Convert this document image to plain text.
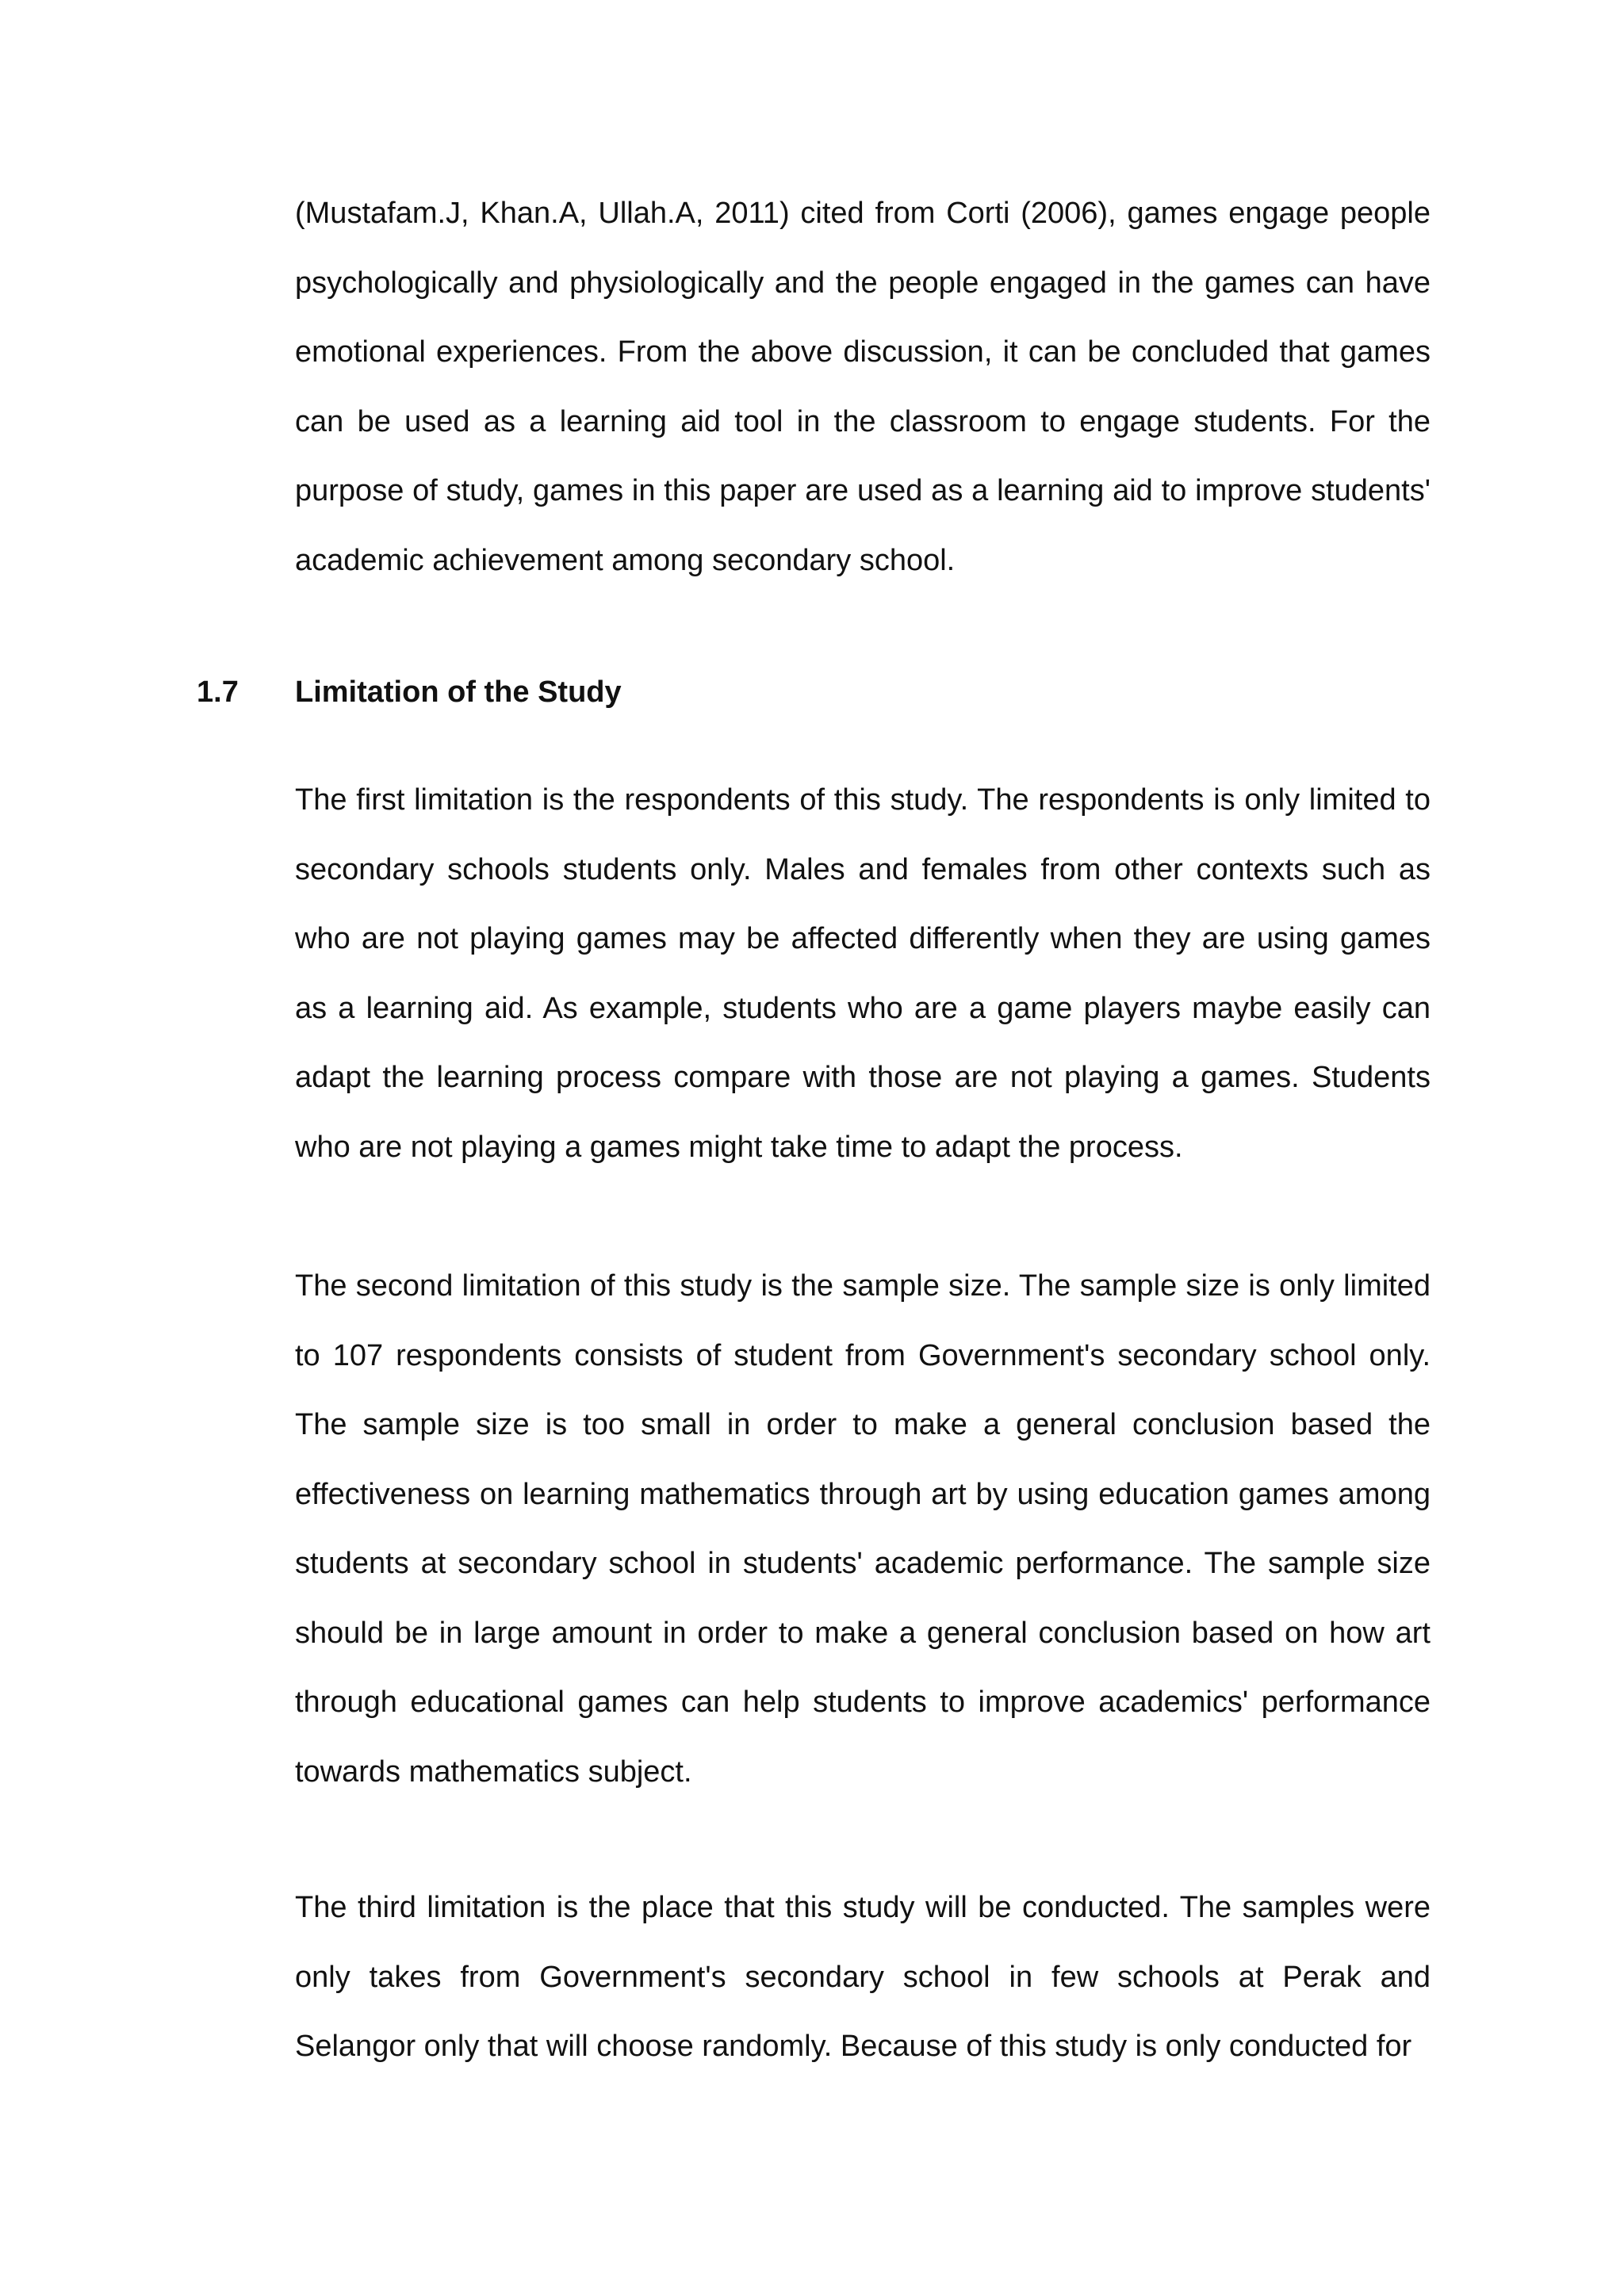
(Mustafam.J, Khan.A, Ullah.A, 2011) cited from Corti (2006), games engage people psychologically and physiologically and the people engaged in the games can have emotional experiences. From the above discussion, it can be concluded that games can be used as a learning aid tool in the classroom to engage students. For the purpose of study, games in this paper are used as a learning aid to improve students' academic achievement among secondary school.

1.7 Limitation of the Study

The first limitation is the respondents of this study. The respondents is only limited to secondary schools students only. Males and females from other contexts such as who are not playing games may be affected differently when they are using games as a learning aid. As example, students who are a game players maybe easily can adapt the learning process compare with those are not playing a games. Students who are not playing a games might take time to adapt the process.

The second limitation of this study is the sample size. The sample size is only limited to 107 respondents consists of student from Government's secondary school only. The sample size is too small in order to make a general conclusion based the effectiveness on learning mathematics through art by using education games among students at secondary school in students' academic performance. The sample size should be in large amount in order to make a general conclusion based on how art through educational games can help students to improve academics' performance towards mathematics subject.

The third limitation is the place that this study will be conducted. The samples were only takes from Government's secondary school in few schools at Perak and Selangor only that will choose randomly. Because of this study is only conducted for
